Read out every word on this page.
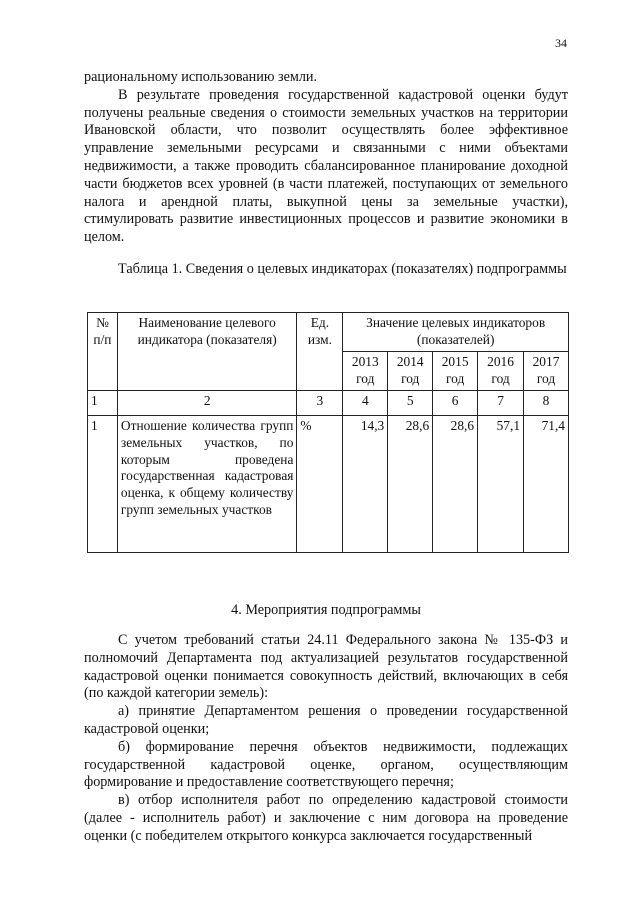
34

рациональному использованию земли.

В результате проведения государственной кадастровой оценки будут получены реальные сведения о стоимости земельных участков на территории Ивановской области, что позволит осуществлять более эффективное управление земельными ресурсами и связанными с ними объектами недвижимости, а также проводить сбалансированное планирование доходной части бюджетов всех уровней (в части платежей, поступающих от земельного налога и арендной платы, выкупной цены за земельные участки), стимулировать развитие инвестиционных процессов и развитие экономики в целом.

Таблица 1. Сведения о целевых индикаторах (показателях) подпрограммы
№ п/п	Наименование целевого индикатора (показателя)	Ед. изм.	Значение целевых индикаторов (показателей)				
			2013 год	2014 год	2015 год	2016 год	2017 год
1	2	3	4	5	6	7	8
1	Отношение количества групп земельных участков, по которым проведена государственная кадастровая оценка, к общему количеству групп земельных участков	%	14,3	28,6	28,6	57,1	71,4
4. Мероприятия подпрограммы

С учетом требований статьи 24.11 Федерального закона № 135-ФЗ и полномочий Департамента под актуализацией результатов государственной кадастровой оценки понимается совокупность действий, включающих в себя (по каждой категории земель):

а) принятие Департаментом решения о проведении государственной кадастровой оценки;

б) формирование перечня объектов недвижимости, подлежащих государственной кадастровой оценке, органом, осуществляющим формирование и предоставление соответствующего перечня;

в) отбор исполнителя работ по определению кадастровой стоимости (далее - исполнитель работ) и заключение с ним договора на проведение оценки (с победителем открытого конкурса заключается государственный
